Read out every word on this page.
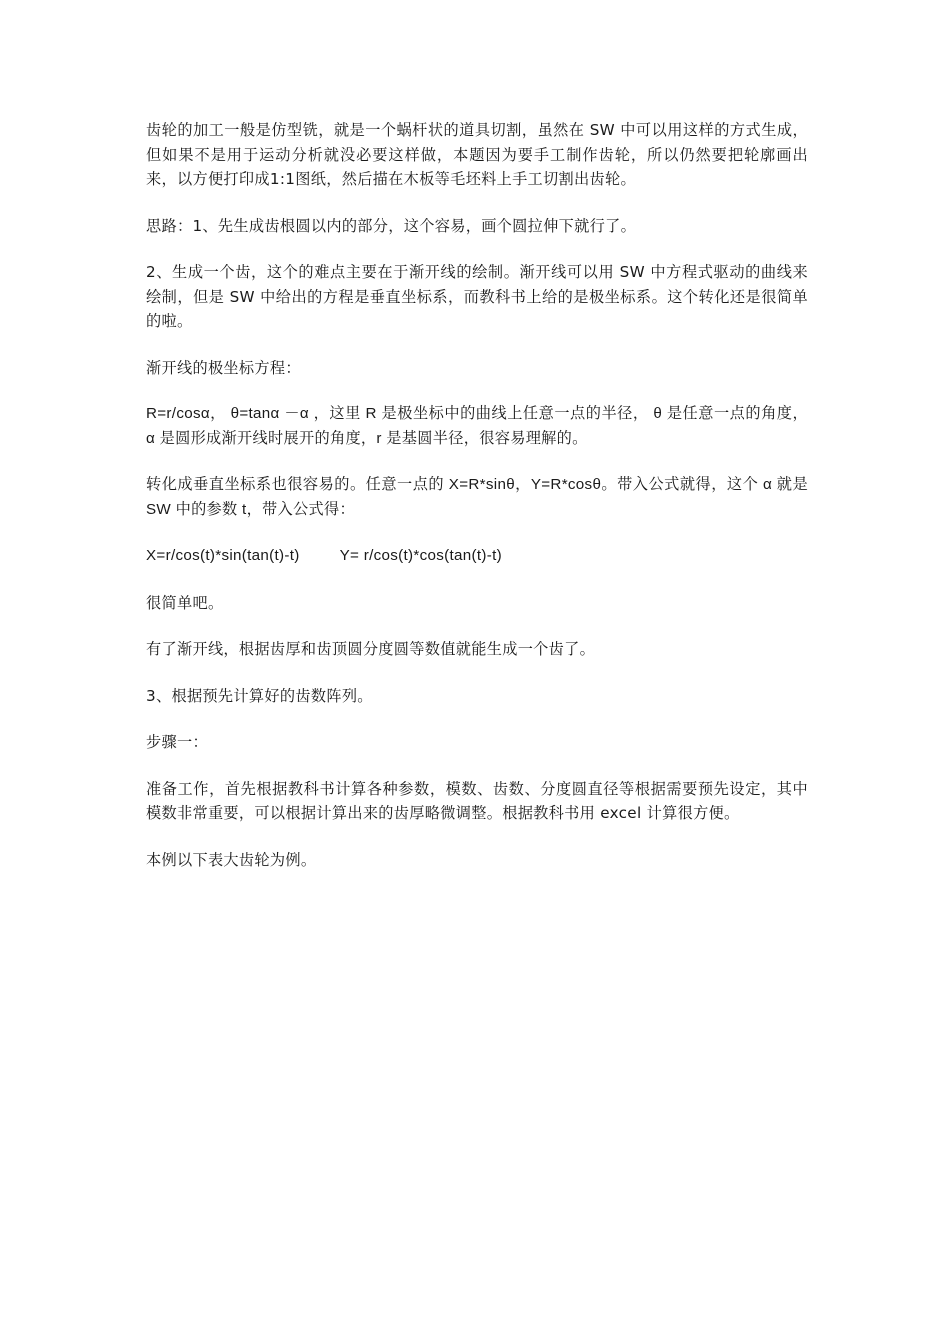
齿轮的加工一般是仿型铣，就是一个蜗杆状的道具切割，虽然在 SW 中可以用这样的方式生成，但如果不是用于运动分析就没必要这样做，本题因为要手工制作齿轮，所以仍然要把轮廓画出来，以方便打印成1:1图纸，然后描在木板等毛坯料上手工切割出齿轮。

思路：1、先生成齿根圆以内的部分，这个容易，画个圆拉伸下就行了。

2、生成一个齿，这个的难点主要在于渐开线的绘制。渐开线可以用 SW 中方程式驱动的曲线来绘制，但是 SW 中给出的方程是垂直坐标系，而教科书上给的是极坐标系。这个转化还是很简单的啦。

渐开线的极坐标方程：

R=r/cosα， θ=tanα －α ，这里 R 是极坐标中的曲线上任意一点的半径， θ 是任意一点的角度， α 是圆形成渐开线时展开的角度，r 是基圆半径，很容易理解的。

转化成垂直坐标系也很容易的。任意一点的 X=R*sinθ，Y=R*cosθ。带入公式就得，这个 α 就是 SW 中的参数 t，带入公式得：

X=r/cos(t)*sin(tan(t)-t)	Y= r/cos(t)*cos(tan(t)-t)

很简单吧。

有了渐开线，根据齿厚和齿顶圆分度圆等数值就能生成一个齿了。

3、根据预先计算好的齿数阵列。

步骤一：

准备工作，首先根据教科书计算各种参数，模数、齿数、分度圆直径等根据需要预先设定，其中模数非常重要，可以根据计算出来的齿厚略微调整。根据教科书用 excel 计算很方便。

本例以下表大齿轮为例。
